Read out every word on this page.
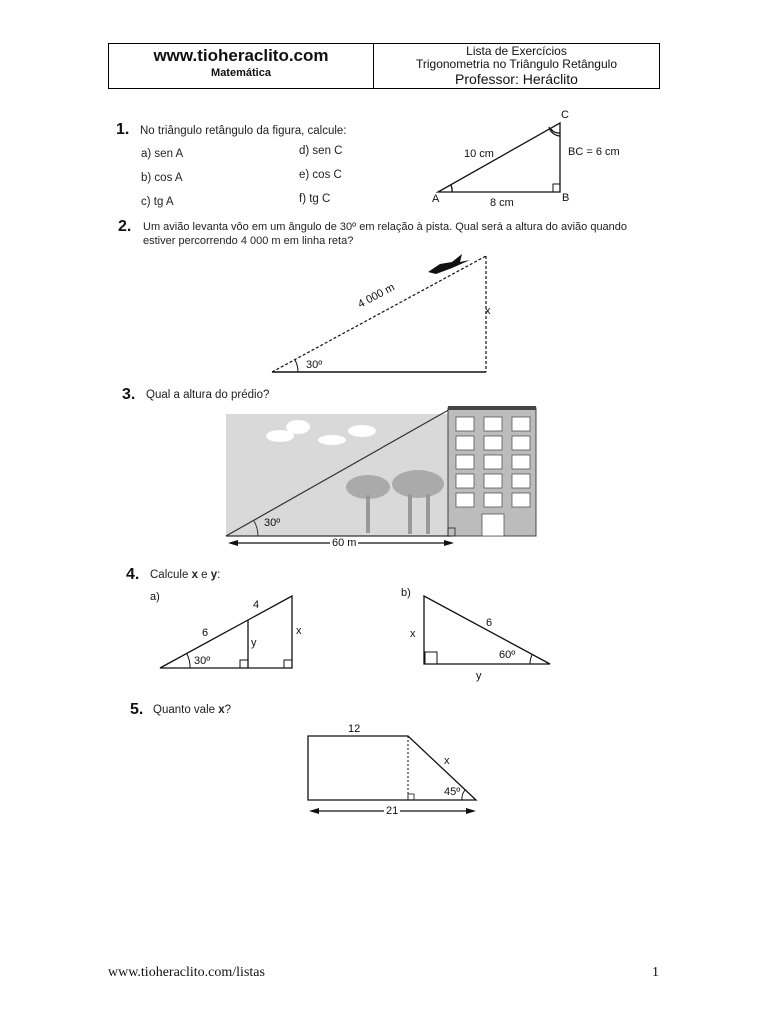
www.tioheraclito.com
Matemática
Lista de Exercícios
Trigonometria no Triângulo Retângulo
Professor: Heráclito
1. No triângulo retângulo da figura, calcule:
a) sen A
b) cos A
c) tg A
d) sen C
e) cos C
f) tg C
C
A	B
10 cm	BC = 6 cm
8 cm
2. Um avião levanta vôo em um ângulo de 30º em relação à pista. Qual será a altura do avião quando
estiver percorrendo 4 000 m em linha reta?
4 000 m
x
30º
3. Qual a altura do prédio?
30º
60 m
4. Calcule x e y:
a)
6
4
y
x
30º
b)
x
6
y
60º
5. Quanto vale x?
12
x
45º
21
www.tioheraclito.com/listas	1
